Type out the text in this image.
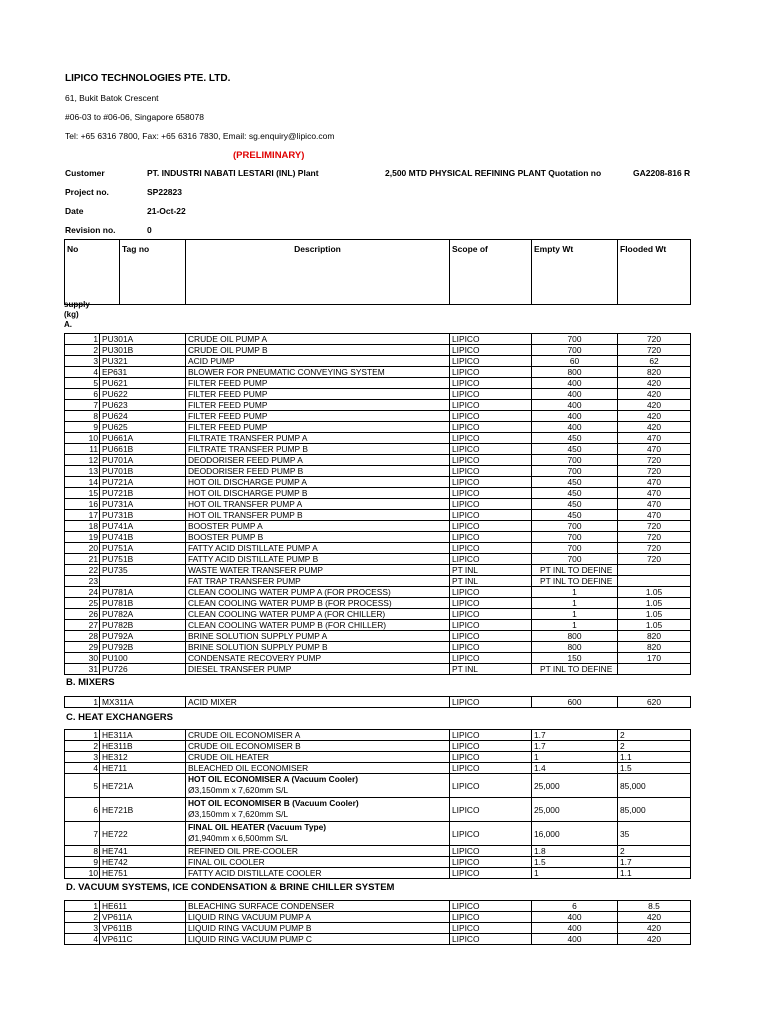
LIPICO TECHNOLOGIES PTE. LTD.
61, Bukit Batok Crescent
#06-03 to #06-06, Singapore 658078
Tel: +65 6316 7800, Fax: +65 6316 7830, Email: sg.enquiry@lipico.com
(PRELIMINARY)
Customer	PT. INDUSTRI NABATI LESTARI (INL) Plant	2,500 MTD PHYSICAL REFINING PLANT Quotation no	GA2208-816 R
Project no.	SP22823
Date	21-Oct-22
Revision no.	0
No	Tag no	Description	Scope of	Empty Wt	Flooded Wt
supply
(kg)
A.
1	PU301A	CRUDE OIL PUMP A	LIPICO	700	720
2	PU301B	CRUDE OIL PUMP B	LIPICO	700	720
3	PU321	ACID PUMP	LIPICO	60	62
4	EP631	BLOWER FOR PNEUMATIC CONVEYING SYSTEM	LIPICO	800	820
5	PU621	FILTER FEED PUMP	LIPICO	400	420
6	PU622	FILTER FEED PUMP	LIPICO	400	420
7	PU623	FILTER FEED PUMP	LIPICO	400	420
8	PU624	FILTER FEED PUMP	LIPICO	400	420
9	PU625	FILTER FEED PUMP	LIPICO	400	420
10	PU661A	FILTRATE TRANSFER PUMP A	LIPICO	450	470
11	PU661B	FILTRATE TRANSFER PUMP B	LIPICO	450	470
12	PU701A	DEODORISER FEED PUMP A	LIPICO	700	720
13	PU701B	DEODORISER FEED PUMP B	LIPICO	700	720
14	PU721A	HOT OIL DISCHARGE PUMP A	LIPICO	450	470
15	PU721B	HOT OIL DISCHARGE PUMP B	LIPICO	450	470
16	PU731A	HOT OIL TRANSFER PUMP A	LIPICO	450	470
17	PU731B	HOT OIL TRANSFER PUMP B	LIPICO	450	470
18	PU741A	BOOSTER PUMP A	LIPICO	700	720
19	PU741B	BOOSTER PUMP B	LIPICO	700	720
20	PU751A	FATTY ACID DISTILLATE PUMP A	LIPICO	700	720
21	PU751B	FATTY ACID DISTILLATE PUMP B	LIPICO	700	720
22	PU735	WASTE WATER TRANSFER PUMP	PT INL	PT INL TO DEFINE	
23		FAT TRAP TRANSFER PUMP	PT INL	PT INL TO DEFINE	
24	PU781A	CLEAN COOLING WATER PUMP A (FOR PROCESS)	LIPICO	1	1.05
25	PU781B	CLEAN COOLING WATER PUMP B (FOR PROCESS)	LIPICO	1	1.05
26	PU782A	CLEAN COOLING WATER PUMP A (FOR CHILLER)	LIPICO	1	1.05
27	PU782B	CLEAN COOLING WATER PUMP B (FOR CHILLER)	LIPICO	1	1.05
28	PU792A	BRINE SOLUTION SUPPLY PUMP A	LIPICO	800	820
29	PU792B	BRINE SOLUTION SUPPLY PUMP B	LIPICO	800	820
30	PU100	CONDENSATE RECOVERY PUMP	LIPICO	150	170
31	PU726	DIESEL TRANSFER PUMP	PT INL	PT INL TO DEFINE	
B. MIXERS
1	MX311A	ACID MIXER	LIPICO	600	620
C. HEAT EXCHANGERS
1	HE311A	CRUDE OIL ECONOMISER A	LIPICO	1.7	2
2	HE311B	CRUDE OIL ECONOMISER B	LIPICO	1.7	2
3	HE312	CRUDE OIL HEATER	LIPICO	1	1.1
4	HE711	BLEACHED OIL ECONOMISER	LIPICO	1.4	1.5
5	HE721A	HOT OIL ECONOMISER A (Vacuum Cooler)
Ø3,150mm x 7,620mm S/L	LIPICO	25,000	85,000
6	HE721B	HOT OIL ECONOMISER B (Vacuum Cooler)
Ø3,150mm x 7,620mm S/L	LIPICO	25,000	85,000
7	HE722	FINAL OIL HEATER (Vacuum Type)
Ø1,940mm x 6,500mm S/L	LIPICO	16,000	35
8	HE741	REFINED OIL PRE-COOLER	LIPICO	1.8	2
9	HE742	FINAL OIL COOLER	LIPICO	1.5	1.7
10	HE751	FATTY ACID DISTILLATE COOLER	LIPICO	1	1.1
D. VACUUM SYSTEMS, ICE CONDENSATION & BRINE CHILLER SYSTEM
1	HE611	BLEACHING SURFACE CONDENSER	LIPICO	6	8.5
2	VP611A	LIQUID RING VACUUM PUMP A	LIPICO	400	420
3	VP611B	LIQUID RING VACUUM PUMP B	LIPICO	400	420
4	VP611C	LIQUID RING VACUUM PUMP C	LIPICO	400	420
